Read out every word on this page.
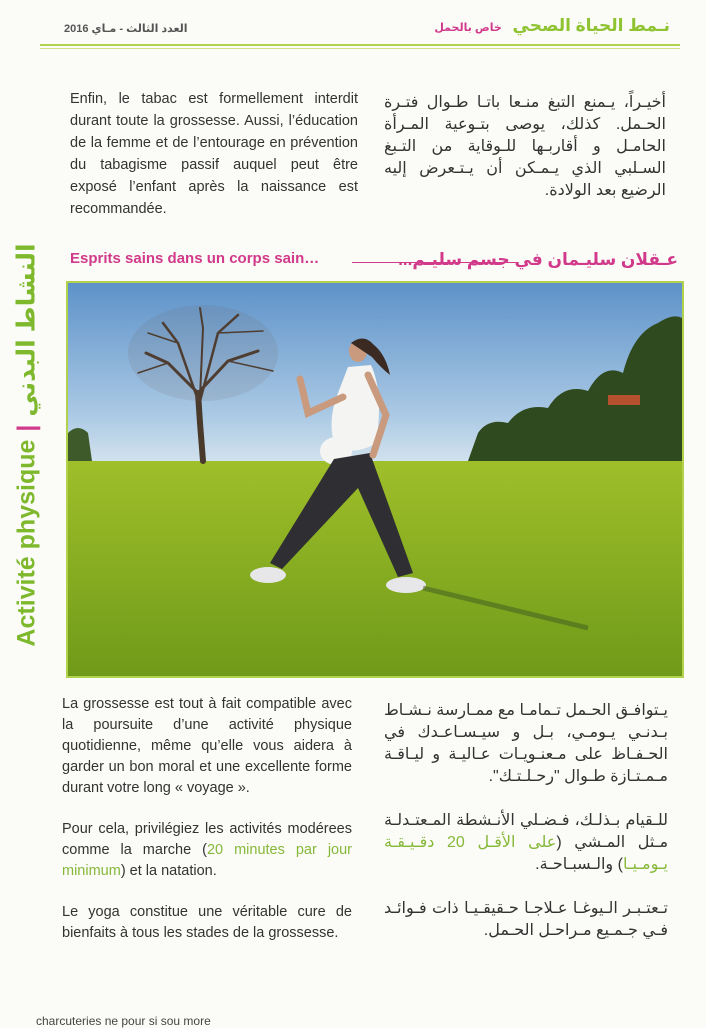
2016 العدد الثالث - مـاي	نـمط الحياة الصحي خاص بالحمل
Enfin, le tabac est formellement interdit durant toute la grossesse. Aussi, l’éducation de la femme et de l’entourage en prévention du tabagisme passif auquel peut être exposé l’enfant après la naissance est recommandée.
أخيـراً، يـمنع التبغ منـعا باتـا طـوال فتـرة الحـمل. كذلك، يوصى بتـوعية المـرأة الحامـل و أقاربـها للـوقاية من التـبغ السـلبي الذي يـمـكن أن يـتـعرض إليه الرضيع بعد الولادة.
Activité physique|النشاط البدني Esprits sains dans un corps sain…	عـقلان سليـمان في جسم سليـم...

La grossesse est tout à fait compatible avec la poursuite d’une activité physique quotidienne, même qu’elle vous aidera à garder un bon moral et une excellente forme durant votre long « voyage ».

Pour cela, privilégiez les activités modérees comme la marche (20 minutes par jour minimum) et la natation.

Le yoga constitue une véritable cure de bienfaits à tous les stades de la grossesse.

يـتوافـق الحـمل تـمامـا مع ممـارسة نـشـاط بـدنـي يـومـي، بـل و سيـسـاعـدك في الحـفـاظ على مـعنـويـات عـاليـة و ليـاقـة مـمـتـازة طـوال "رحـلـتـك".

للـقيام بـذلـك، فـضـلي الأنـشطة المـعتـدلـة مـثل المـشي (على الأقـل 20 دقـيـقـة يـومـيـا) والـسبـاحـة.

تـعتـبـر الـيوغـا عـلاجـا حـقيقـيـا ذات فـوائـد فـي جـمـيع مـراحـل الحـمل.

charcuteries ne pour si sou more
